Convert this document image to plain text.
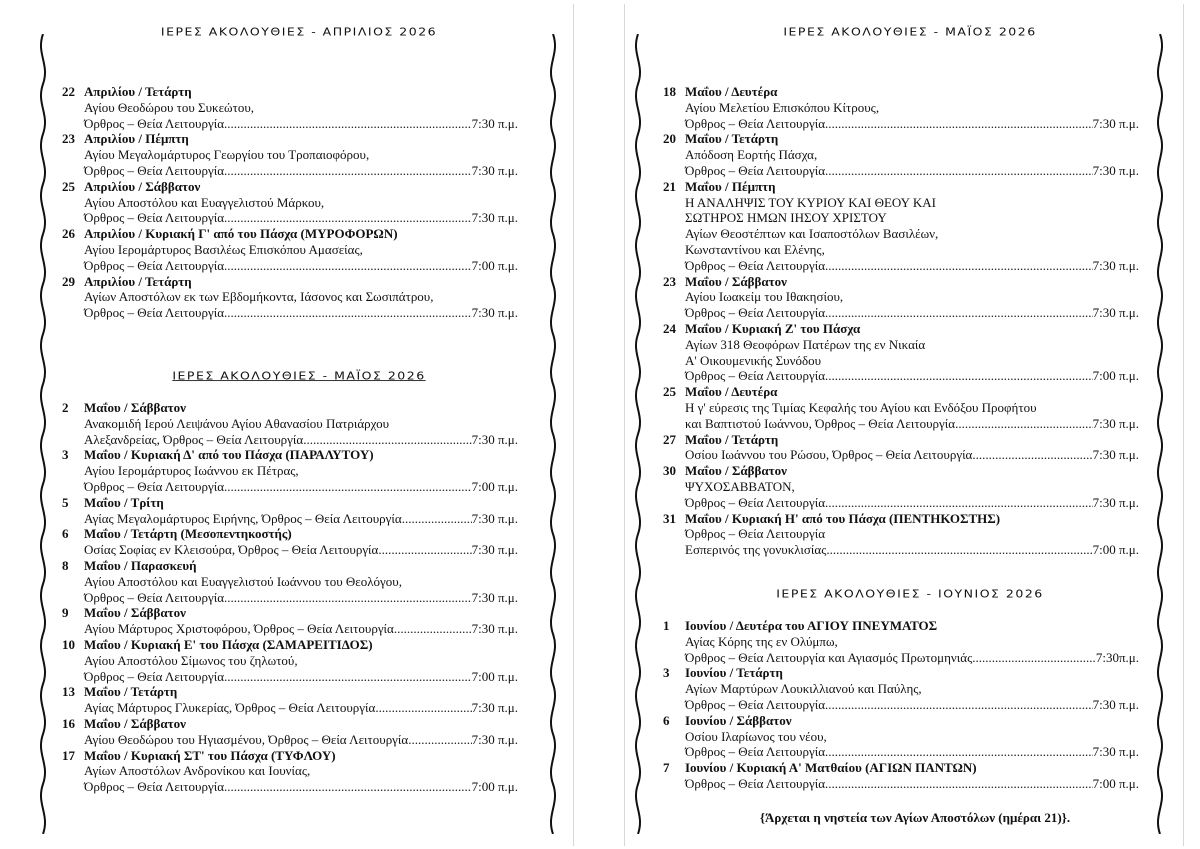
ΙΕΡΕΣ ΑΚΟΛΟΥΘΙΕΣ - ΑΠΡΙΛΙΟΣ 2026
22 Απριλίου / Τετάρτη
Αγίου Θεοδώρου του Συκεώτου,
Όρθρος – Θεία Λειτουργία .....	7:30 π.μ.
23 Απριλίου / Πέμπτη
Αγίου Μεγαλομάρτυρος Γεωργίου του Τροπαιοφόρου,
Όρθρος – Θεία Λειτουργία .....	7:30 π.μ.
25 Απριλίου / Σάββατον
Αγίου Αποστόλου και Ευαγγελιστού Μάρκου,
Όρθρος – Θεία Λειτουργία .....	7:30 π.μ.
26 Απριλίου / Κυριακή Γ' από του Πάσχα (ΜΥΡΟΦΟΡΩΝ)
Αγίου Ιερομάρτυρος Βασιλέως Επισκόπου Αμασείας,
Όρθρος – Θεία Λειτουργία .....	7:00 π.μ.
29 Απριλίου / Τετάρτη
Αγίων Αποστόλων εκ των Εβδομήκοντα, Ιάσονος και Σωσιπάτρου,
Όρθρος – Θεία Λειτουργία .....	7:30 π.μ.
ΙΕΡΕΣ ΑΚΟΛΟΥΘΙΕΣ - ΜΑΪΟΣ 2026
2	Μαΐου / Σάββατον
Ανακομιδή Ιερού Λειψάνου Αγίου Αθανασίου Πατριάρχου
Αλεξανδρείας, Όρθρος – Θεία Λειτουργία .....	7:30 π.μ.
3	Μαΐου / Κυριακή Δ' από του Πάσχα (ΠΑΡΑΛΥΤΟΥ)
Αγίου Ιερομάρτυρος Ιωάννου εκ Πέτρας,
Όρθρος – Θεία Λειτουργία .....	7:00 π.μ.
5	Μαΐου / Τρίτη
Αγίας Μεγαλομάρτυρος Ειρήνης, Όρθρος – Θεία Λειτουργία .....	7:30 π.μ.
6	Μαΐου / Τετάρτη (Μεσοπεντηκοστής)
Οσίας Σοφίας εν Κλεισούρα, Όρθρος – Θεία Λειτουργία .....	7:30 π.μ.
8	Μαΐου / Παρασκευή
Αγίου Αποστόλου και Ευαγγελιστού Ιωάννου του Θεολόγου,
Όρθρος – Θεία Λειτουργία .....	7:30 π.μ.
9	Μαΐου / Σάββατον
Αγίου Μάρτυρος Χριστοφόρου, Όρθρος – Θεία Λειτουργία .....	7:30 π.μ.
10 Μαΐου / Κυριακή Ε' του Πάσχα (ΣΑΜΑΡΕΙΤΙΔΟΣ)
Αγίου Αποστόλου Σίμωνος του ζηλωτού,
Όρθρος – Θεία Λειτουργία .....	7:00 π.μ.
13 Μαΐου / Τετάρτη
Αγίας Μάρτυρος Γλυκερίας, Όρθρος – Θεία Λειτουργία .....	7:30 π.μ.
16 Μαΐου / Σάββατον
Αγίου Θεοδώρου του Ηγιασμένου, Όρθρος – Θεία Λειτουργία .....	7:30 π.μ.
17 Μαΐου / Κυριακή ΣΤ' του Πάσχα (ΤΥΦΛΟΥ)
Αγίων Αποστόλων Ανδρονίκου και Ιουνίας,
Όρθρος – Θεία Λειτουργία .....	7:00 π.μ.
ΙΕΡΕΣ ΑΚΟΛΟΥΘΙΕΣ - ΜΑΪΟΣ 2026
18 Μαΐου / Δευτέρα
Αγίου Μελετίου Επισκόπου Κίτρους,
Όρθρος – Θεία Λειτουργία .....	7:30 π.μ.
20 Μαΐου / Τετάρτη
Απόδοση Εορτής Πάσχα,
Όρθρος – Θεία Λειτουργία .....	7:30 π.μ.
21 Μαΐου / Πέμπτη
Η ΑΝΑΛΗΨΙΣ ΤΟΥ ΚΥΡΙΟΥ ΚΑΙ ΘΕΟΥ ΚΑΙ
ΣΩΤΗΡΟΣ ΗΜΩΝ ΙΗΣΟΥ ΧΡΙΣΤΟΥ
Αγίων Θεοστέπτων και Ισαποστόλων Βασιλέων,
Κωνσταντίνου και Ελένης,
Όρθρος – Θεία Λειτουργία .....	7:30 π.μ.
23 Μαΐου / Σάββατον
Αγίου Ιωακείμ του Ιθακησίου,
Όρθρος – Θεία Λειτουργία .....	7:30 π.μ.
24 Μαΐου / Κυριακή Ζ' του Πάσχα
Αγίων 318 Θεοφόρων Πατέρων της εν Νικαία
Α' Οικουμενικής Συνόδου
Όρθρος – Θεία Λειτουργία .....	7:00 π.μ.
25 Μαΐου / Δευτέρα
Η γ' εύρεσις της Τιμίας Κεφαλής του Αγίου και Ενδόξου Προφήτου
και Βαπτιστού Ιωάννου, Όρθρος – Θεία Λειτουργία .....	7:30 π.μ.
27 Μαΐου / Τετάρτη
Οσίου Ιωάννου του Ρώσου, Όρθρος – Θεία Λειτουργία .....	7:30 π.μ.
30 Μαΐου / Σάββατον
ΨΥΧΟΣΑΒΒΑΤΟΝ,
Όρθρος – Θεία Λειτουργία .....	7:30 π.μ.
31 Μαΐου / Κυριακή Η' από του Πάσχα (ΠΕΝΤΗΚΟΣΤΗΣ)
Όρθρος – Θεία Λειτουργία
Εσπερινός της γονυκλισίας .....	7:00 π.μ.
ΙΕΡΕΣ ΑΚΟΛΟΥΘΙΕΣ - ΙΟΥΝΙΟΣ 2026
1	Ιουνίου / Δευτέρα του ΑΓΙΟΥ ΠΝΕΥΜΑΤΟΣ
Αγίας Κόρης της εν Ολύμπω,
Όρθρος – Θεία Λειτουργία και Αγιασμός Πρωτομηνιάς .....	7:30π.μ.
3	Ιουνίου / Τετάρτη
Αγίων Μαρτύρων Λουκιλλιανού και Παύλης,
Όρθρος – Θεία Λειτουργία .....	7:30 π.μ.
6	Ιουνίου / Σάββατον
Οσίου Ιλαρίωνος του νέου,
Όρθρος – Θεία Λειτουργία .....	7:30 π.μ.
7	Ιουνίου / Κυριακή Α' Ματθαίου (ΑΓΙΩΝ ΠΑΝΤΩΝ)
Όρθρος – Θεία Λειτουργία .....	7:00 π.μ.
{Άρχεται η νηστεία των Αγίων Αποστόλων (ημέραι 21)}.
